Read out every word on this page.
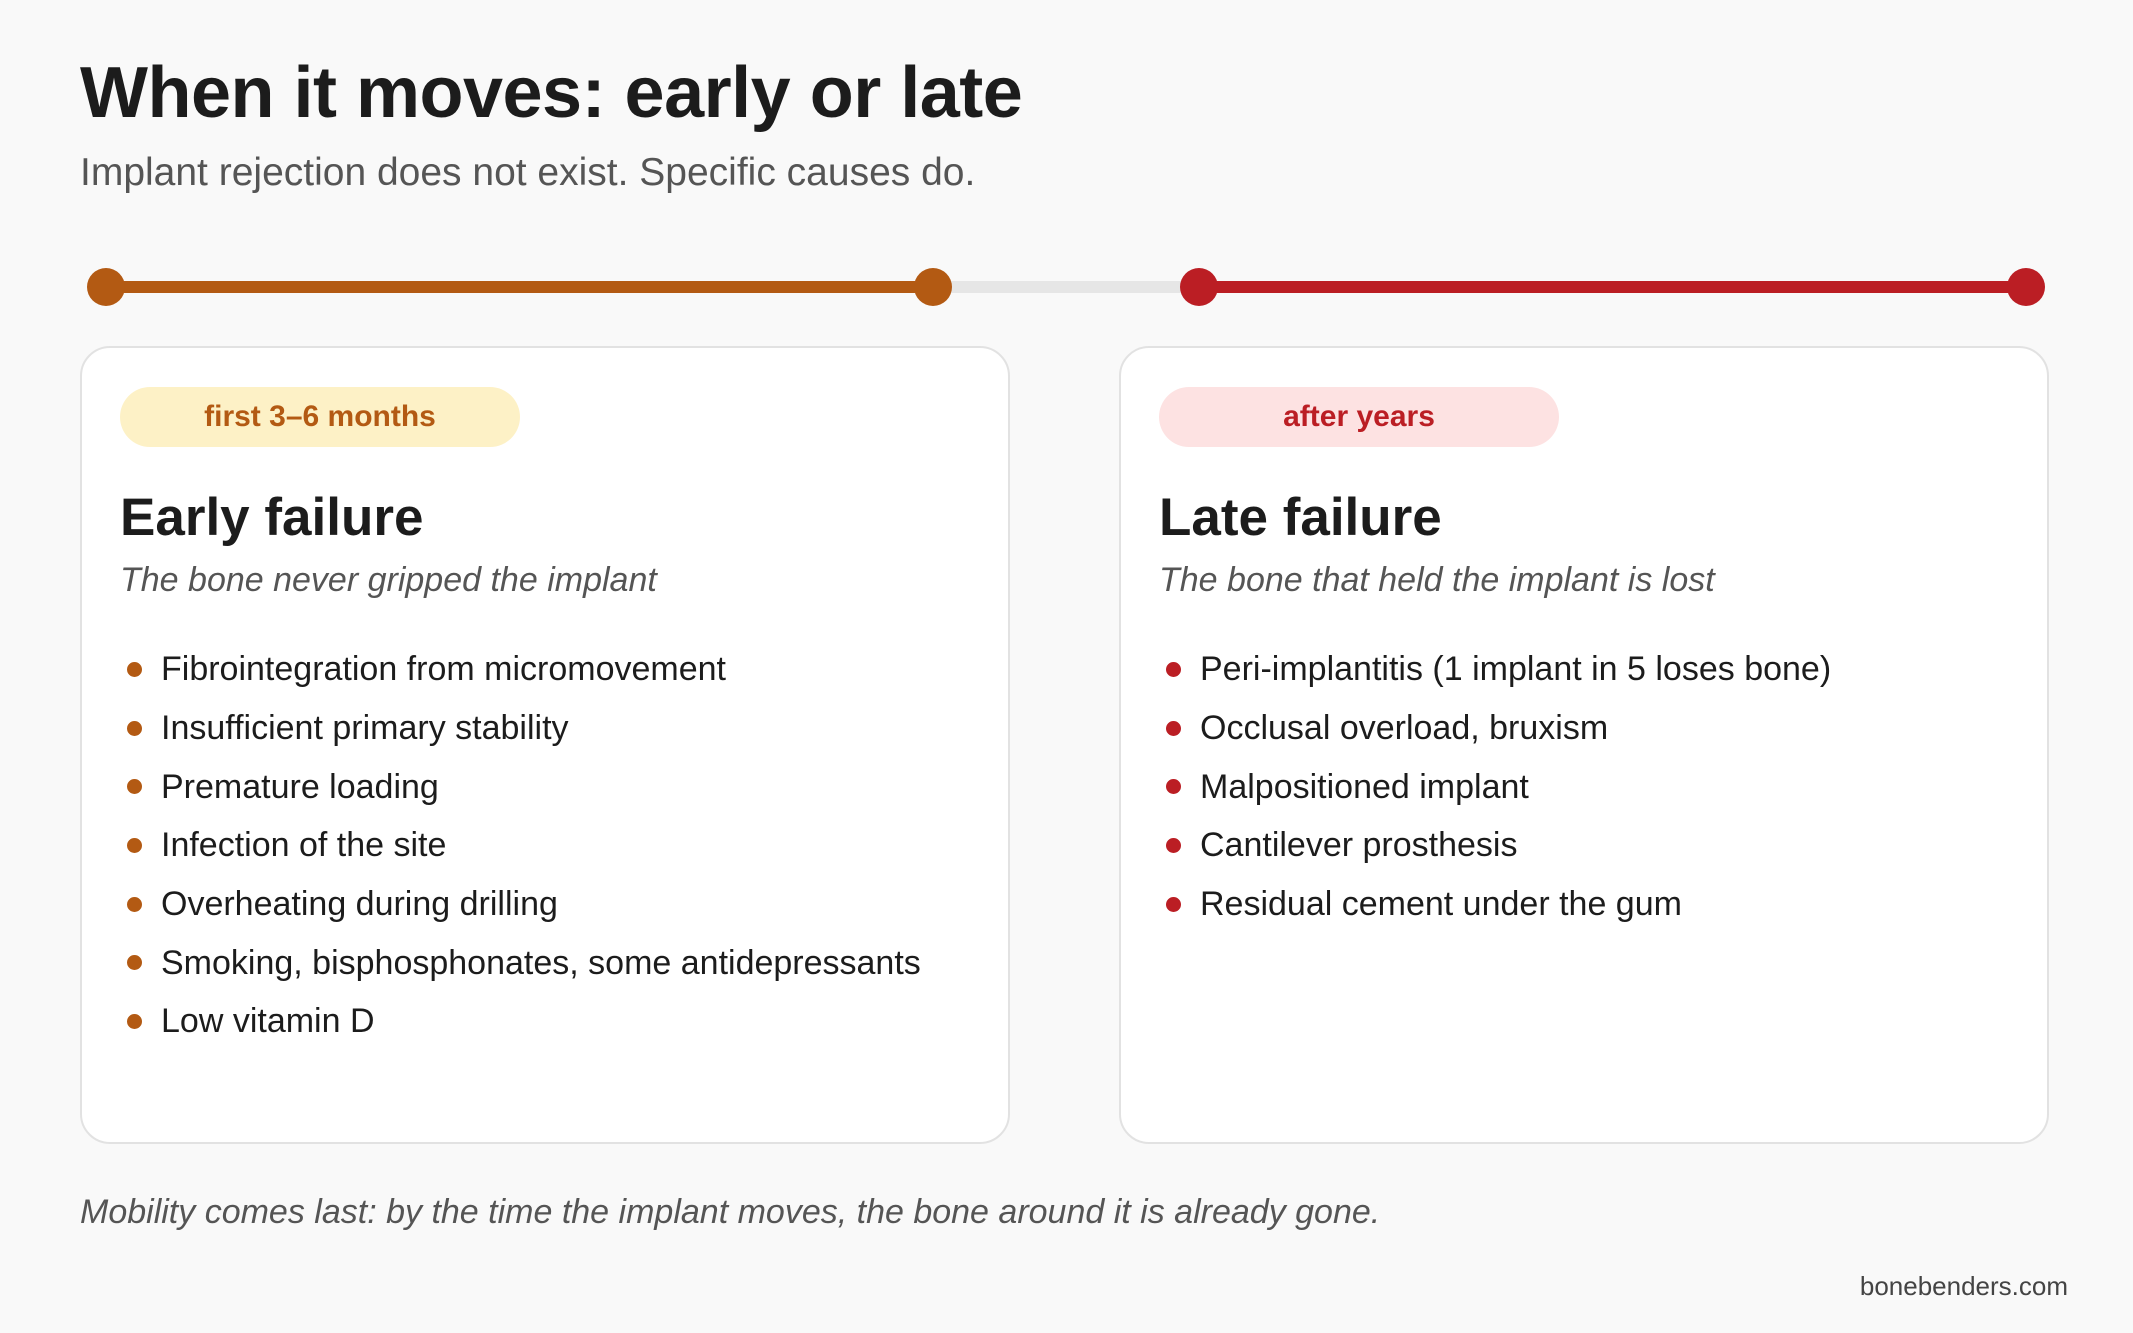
When it moves: early or late

Implant rejection does not exist. Specific causes do.

first 3–6 months
Early failure

The bone never gripped the implant

Fibrointegration from micromovement
Insufficient primary stability
Premature loading
Infection of the site
Overheating during drilling
Smoking, bisphosphonates, some antidepressants
Low vitamin D
after years
Late failure

The bone that held the implant is lost

Peri-implantitis (1 implant in 5 loses bone)
Occlusal overload, bruxism
Malpositioned implant
Cantilever prosthesis
Residual cement under the gum

Mobility comes last: by the time the implant moves, the bone around it is already gone.

bonebenders.com
